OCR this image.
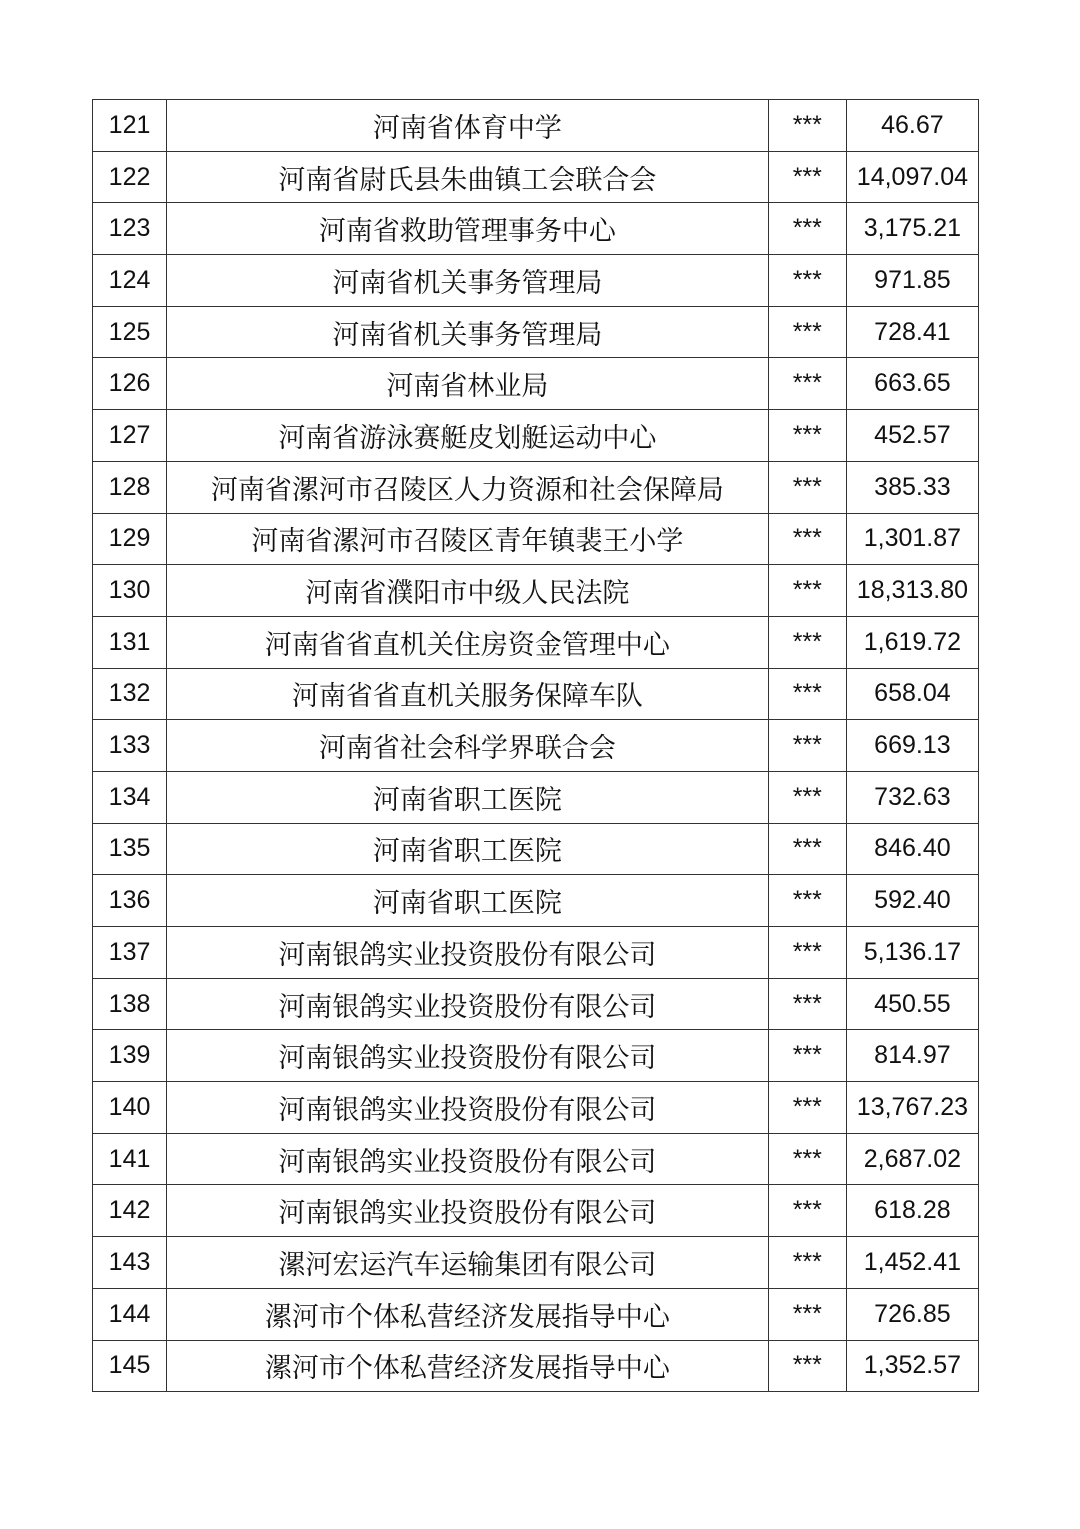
121	河南省体育中学	***	46.67
122	河南省尉氏县朱曲镇工会联合会	***	14,097.04
123	河南省救助管理事务中心	***	3,175.21
124	河南省机关事务管理局	***	971.85
125	河南省机关事务管理局	***	728.41
126	河南省林业局	***	663.65
127	河南省游泳赛艇皮划艇运动中心	***	452.57
128	河南省漯河市召陵区人力资源和社会保障局	***	385.33
129	河南省漯河市召陵区青年镇裴王小学	***	1,301.87
130	河南省濮阳市中级人民法院	***	18,313.80
131	河南省省直机关住房资金管理中心	***	1,619.72
132	河南省省直机关服务保障车队	***	658.04
133	河南省社会科学界联合会	***	669.13
134	河南省职工医院	***	732.63
135	河南省职工医院	***	846.40
136	河南省职工医院	***	592.40
137	河南银鸽实业投资股份有限公司	***	5,136.17
138	河南银鸽实业投资股份有限公司	***	450.55
139	河南银鸽实业投资股份有限公司	***	814.97
140	河南银鸽实业投资股份有限公司	***	13,767.23
141	河南银鸽实业投资股份有限公司	***	2,687.02
142	河南银鸽实业投资股份有限公司	***	618.28
143	漯河宏运汽车运输集团有限公司	***	1,452.41
144	漯河市个体私营经济发展指导中心	***	726.85
145	漯河市个体私营经济发展指导中心	***	1,352.57
